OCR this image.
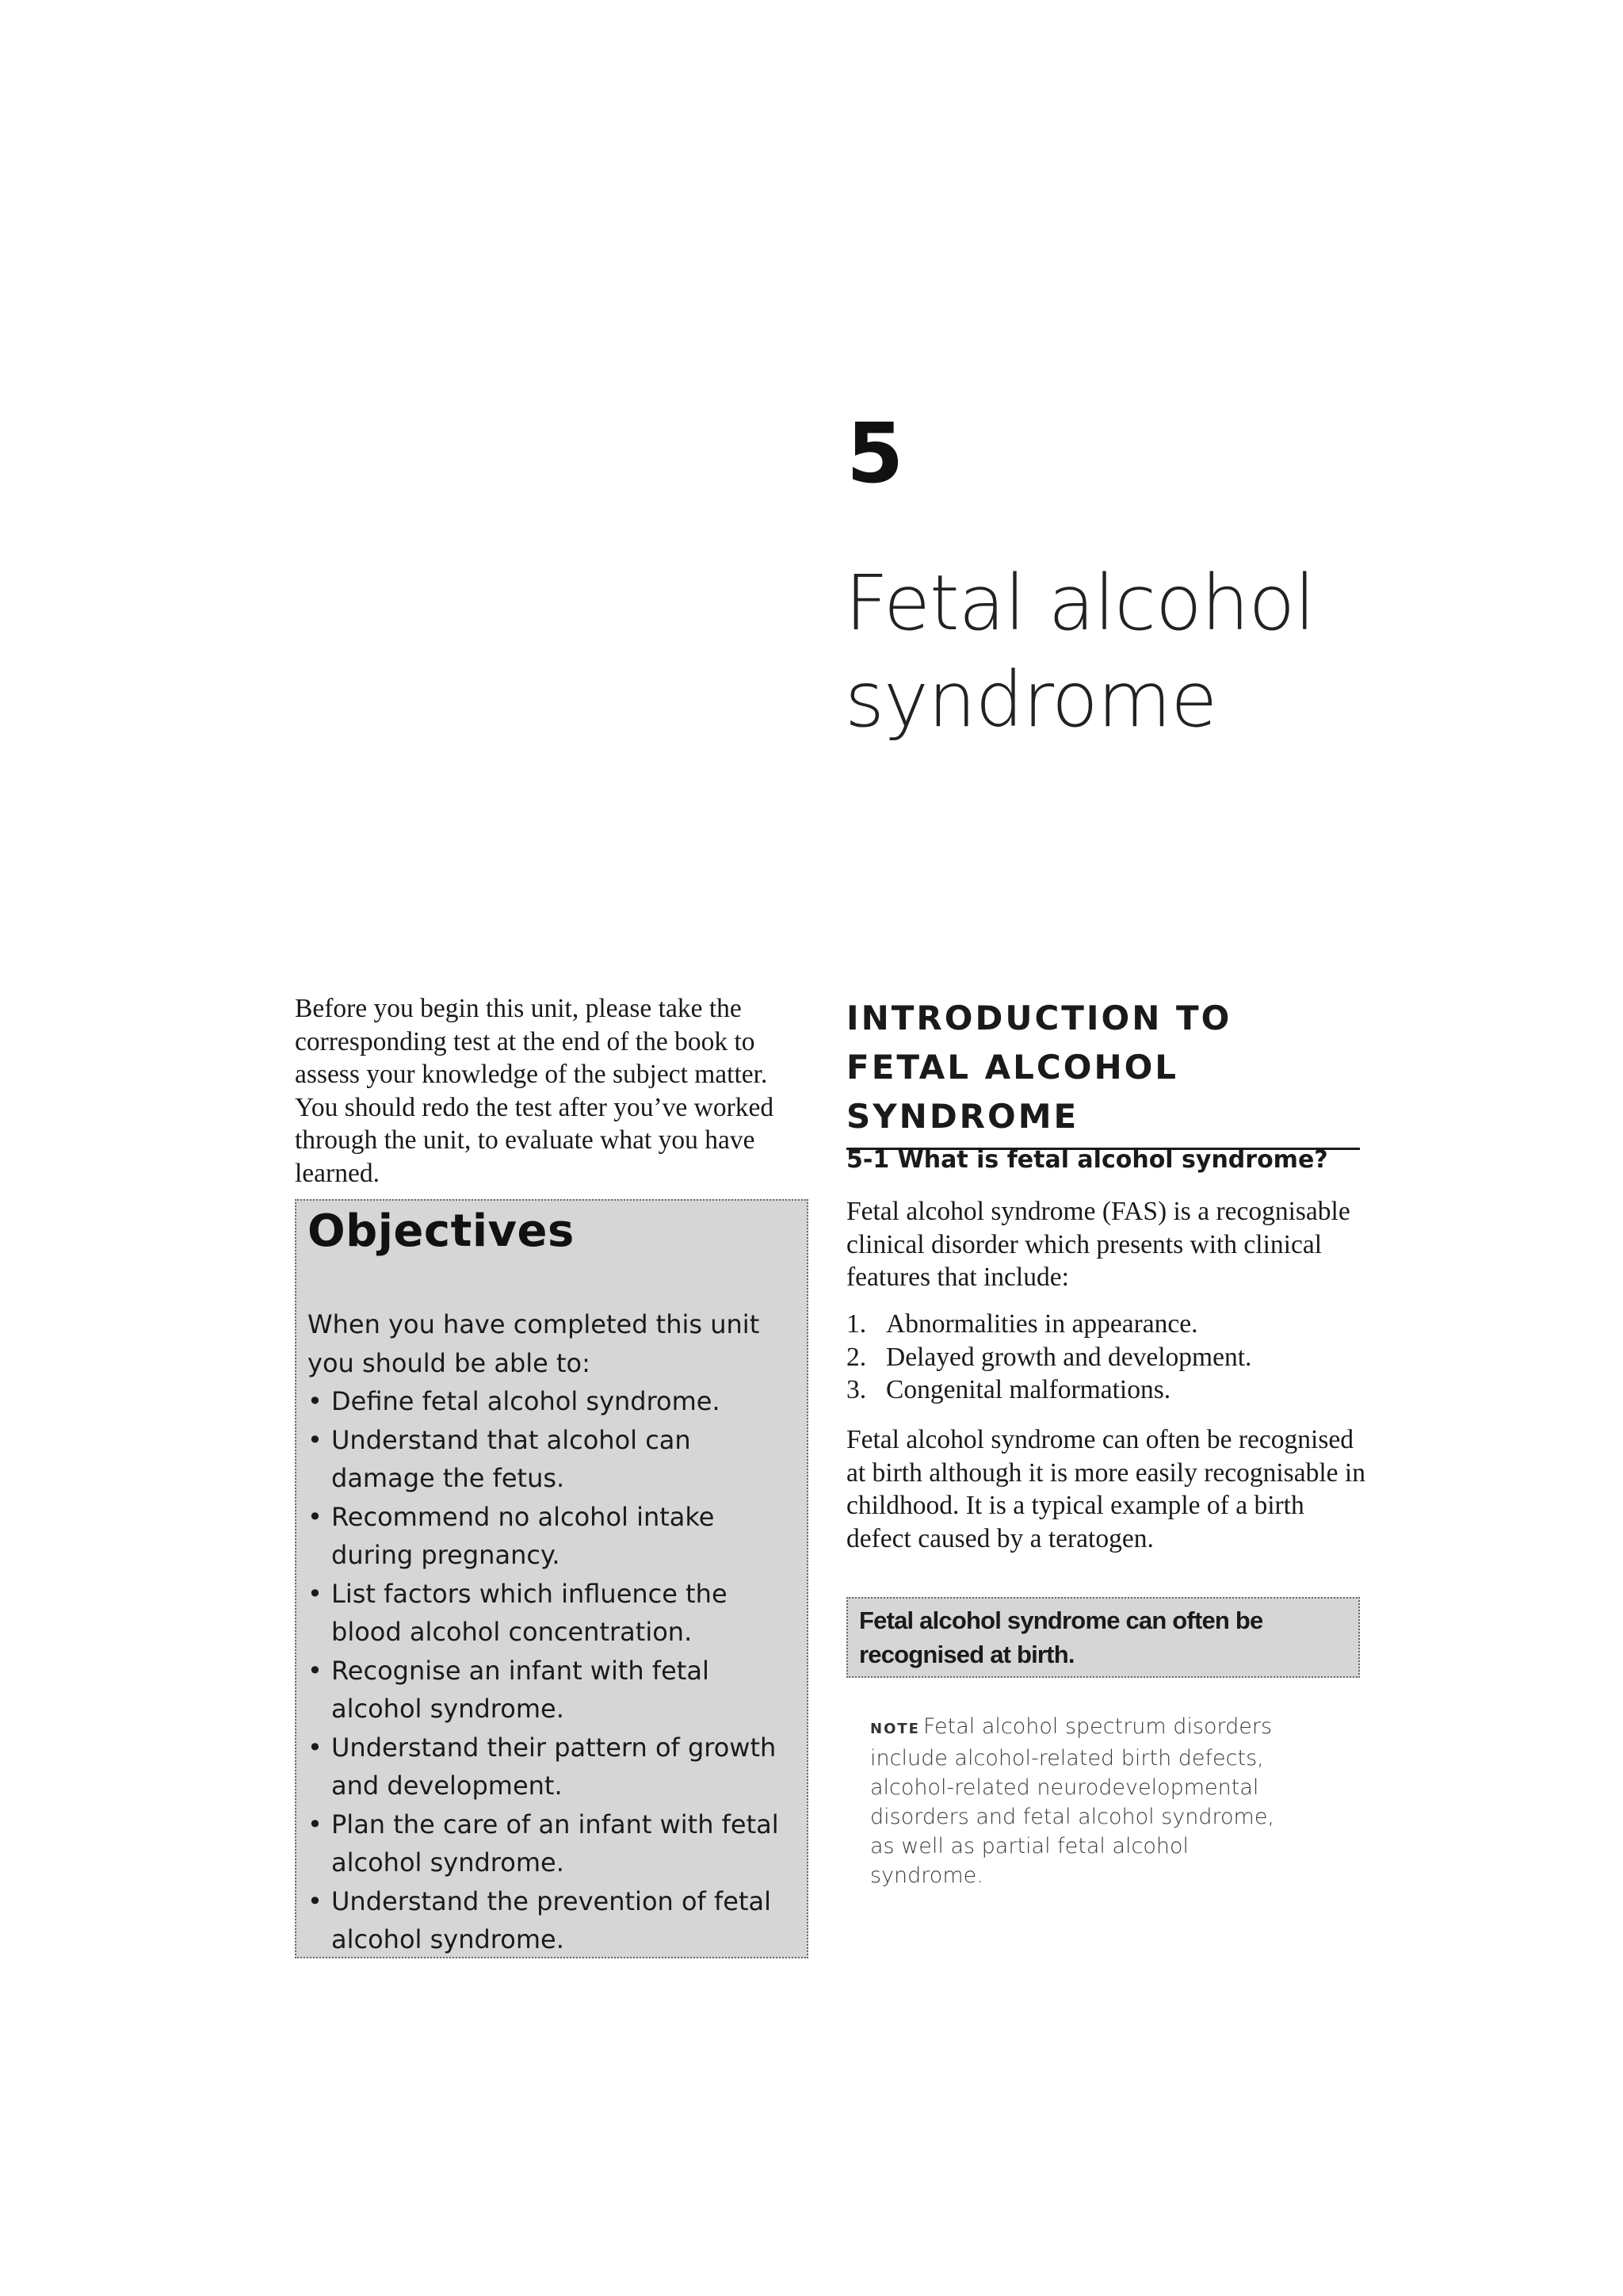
5
Fetal alcohol syndrome

Before you begin this unit, please take the corresponding test at the end of the book to assess your knowledge of the subject matter. You should redo the test after you’ve worked through the unit, to evaluate what you have learned.

Objectives
When you have completed this unit you should be able to:
• Define fetal alcohol syndrome.
• Understand that alcohol can damage the fetus.
• Recommend no alcohol intake during pregnancy.
• List factors which influence the blood alcohol concentration.
• Recognise an infant with fetal alcohol syndrome.
• Understand their pattern of growth and development.
• Plan the care of an infant with fetal alcohol syndrome.
• Understand the prevention of fetal alcohol syndrome.
INTRODUCTION TO FETAL ALCOHOL SYNDROME
5-1 What is fetal alcohol syndrome?

Fetal alcohol syndrome (FAS) is a recognisable clinical disorder which presents with clinical features that include:

1. Abnormalities in appearance.
2. Delayed growth and development.
3. Congenital malformations.

Fetal alcohol syndrome can often be recognised at birth although it is more easily recognisable in childhood. It is a typical example of a birth defect caused by a teratogen.

Fetal alcohol syndrome can often be recognised at birth.
NOTE Fetal alcohol spectrum disorders include alcohol-related birth defects, alcohol-related neurodevelopmental disorders and fetal alcohol syndrome, as well as partial fetal alcohol syndrome.
